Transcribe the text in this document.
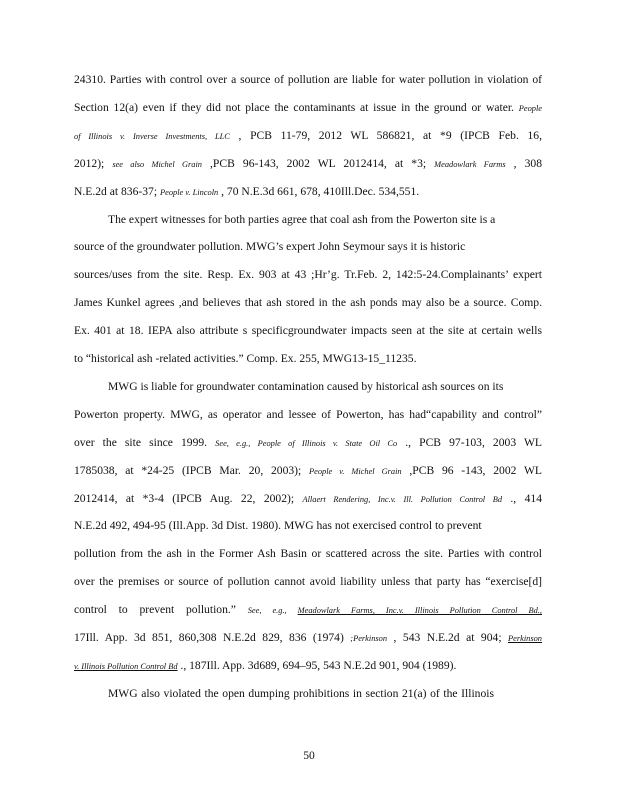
24310. Parties with control over a source of pollution are liable for water pollution in violation of
Section 12(a) even if they did not place the contaminants at issue in the ground or water. People
of Illinois v. Inverse Investments, LLC , PCB 11-79, 2012 WL 586821, at *9 (IPCB Feb. 16,
2012); see also Michel Grain ,PCB 96-143, 2002 WL 2012414, at *3; Meadowlark Farms , 308
N.E.2d at 836-37; People v. Lincoln , 70 N.E.3d 661, 678, 410Ill.Dec. 534,551.
The expert witnesses for both parties agree that coal ash from the Powerton site is a
source of the groundwater pollution. MWG’s expert John Seymour says it is historic
sources/uses from the site. Resp. Ex. 903 at 43 ;Hr’g. Tr.Feb. 2, 142:5-24.Complainants’ expert
James Kunkel agrees ,and believes that ash stored in the ash ponds may also be a source. Comp.
Ex. 401 at 18. IEPA also attribute s specificgroundwater impacts seen at the site at certain wells
to “historical ash -related activities.” Comp. Ex. 255, MWG13-15_11235.
MWG is liable for groundwater contamination caused by historical ash sources on its
Powerton property. MWG, as operator and lessee of Powerton, has had“capability and control”
over the site since 1999. See, e.g., People of Illinois v. State Oil Co ., PCB 97-103, 2003 WL
1785038, at *24-25 (IPCB Mar. 20, 2003); People v. Michel Grain ,PCB 96 -143, 2002 WL
2012414, at *3-4 (IPCB Aug. 22, 2002); Allaert Rendering, Inc.v. Ill. Pollution Control Bd ., 414
N.E.2d 492, 494-95 (Ill.App. 3d Dist. 1980). MWG has not exercised control to prevent
pollution from the ash in the Former Ash Basin or scattered across the site. Parties with control
over the premises or source of pollution cannot avoid liability unless that party has “exercise[d]
control to prevent pollution.” See, e.g., Meadowlark Farms, Inc.v. Illinois Pollution Control Bd.,
17Ill. App. 3d 851, 860,308 N.E.2d 829, 836 (1974) ;Perkinson , 543 N.E.2d at 904; Perkinson
v. Illinois Pollution Control Bd ., 187Ill. App. 3d689, 694–95, 543 N.E.2d 901, 904 (1989).
MWG also violated the open dumping prohibitions in section 21(a) of the Illinois
50
